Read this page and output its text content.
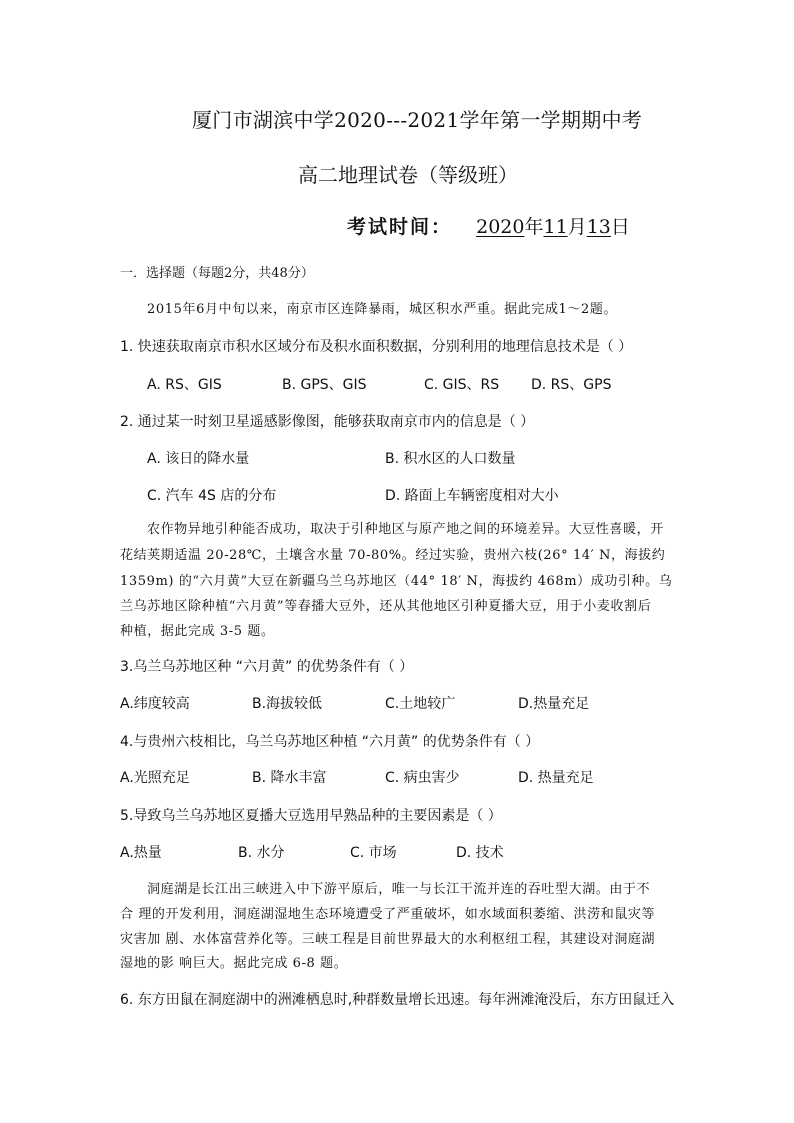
厦门市湖滨中学2020---2021学年第一学期期中考
高二地理试卷（等级班）
考试时间： 2020年11月13日
一．选择题（每题2分，共48分）
2015年6月中旬以来，南京市区连降暴雨，城区积水严重。据此完成1～2题。
1. 快速获取南京市积水区域分布及积水面积数据，分别利用的地理信息技术是（ ）
A. RS、GIS	B. GPS、GIS	C. GIS、RS D. RS、GPS
2. 通过某一时刻卫星遥感影像图，能够获取南京市内的信息是（ ）
A. 该日的降水量	B. 积水区的人口数量
C. 汽车 4S 店的分布	D. 路面上车辆密度相对大小
农作物异地引种能否成功，取决于引种地区与原产地之间的环境差异。大豆性喜暖，开
花结荚期适温 20-28℃，土壤含水量 70-80%。经过实验，贵州六枝(26° 14′ N，海拔约
1359m) 的“六月黄”大豆在新疆乌兰乌苏地区（44° 18′ N，海拔约 468m）成功引种。乌
兰乌苏地区除种植“六月黄”等春播大豆外，还从其他地区引种夏播大豆，用于小麦收割后
种植，据此完成 3-5 题。
3.乌兰乌苏地区种 “六月黄” 的优势条件有（ ）
A.纬度较高	B.海拔较低	C.土地较广	D.热量充足
4.与贵州六枝相比，乌兰乌苏地区种植 “六月黄” 的优势条件有（ ）
A.光照充足	B. 降水丰富	C. 病虫害少	D. 热量充足
5.导致乌兰乌苏地区夏播大豆选用早熟品种的主要因素是（ ）
A.热量	B. 水分	C. 市场	D. 技术
洞庭湖是长江出三峡进入中下游平原后，唯一与长江干流并连的吞吐型大湖。由于不
合 理的开发利用，洞庭湖湿地生态环境遭受了严重破坏，如水域面积萎缩、洪涝和鼠灾等
灾害加 剧、水体富营养化等。三峡工程是目前世界最大的水利枢纽工程，其建设对洞庭湖
湿地的影 响巨大。据此完成 6-8 题。
6. 东方田鼠在洞庭湖中的洲滩栖息时,种群数量增长迅速。每年洲滩淹没后，东方田鼠迁入
